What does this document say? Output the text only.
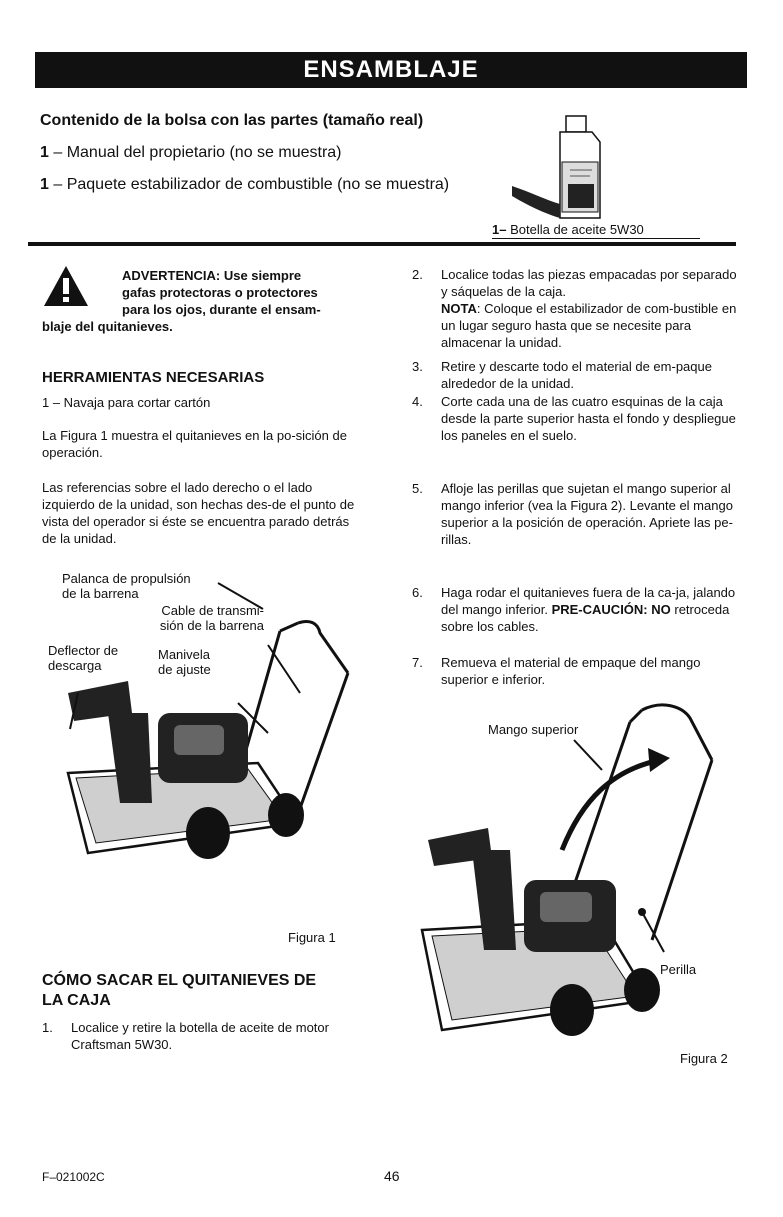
ENSAMBLAJE
Contenido de la bolsa con las partes (tamaño real)
1 – Manual del propietario (no se muestra)
1 – Paquete estabilizador de combustible (no se muestra)
1– Botella de aceite 5W30
ADVERTENCIA: Use siempre
gafas protectoras o protectores
para los ojos, durante el ensam-
blaje del quitanieves.
HERRAMIENTAS NECESARIAS
1 – Navaja para cortar cartón
La Figura 1 muestra el quitanieves en la po-sición de operación.
Las referencias sobre el lado derecho o el lado izquierdo de la unidad, son hechas des-de el punto de vista del operador si éste se encuentra parado detrás de la unidad.
Palanca de propulsión
de la barrena
Cable de transmi-
sión de la barrena
Deflector de
descarga
Manivela
de ajuste
Figura 1
CÓMO SACAR EL QUITANIEVES DE
LA CAJA
1.	Localice y retire la botella de aceite de motor Craftsman 5W30.
2.	Localice todas las piezas empacadas por separado y sáquelas de la caja.
NOTA: Coloque el estabilizador de com-bustible en un lugar seguro hasta que se necesite para almacenar la unidad.
3.	Retire y descarte todo el material de em-paque alrededor de la unidad.
4.	Corte cada una de las cuatro esquinas de la caja desde la parte superior hasta el fondo y despliegue los paneles en el suelo.
5.	Afloje las perillas que sujetan el mango superior al mango inferior (vea la Figura 2). Levante el mango superior a la posición de operación. Apriete las pe-rillas.
6.	Haga rodar el quitanieves fuera de la ca-ja, jalando del mango inferior. PRE-CAUCIÓN: NO retroceda sobre los cables.
7.	Remueva el material de empaque del mango superior e inferior.
Mango superior
Perilla
Figura 2
F–021002C	46
